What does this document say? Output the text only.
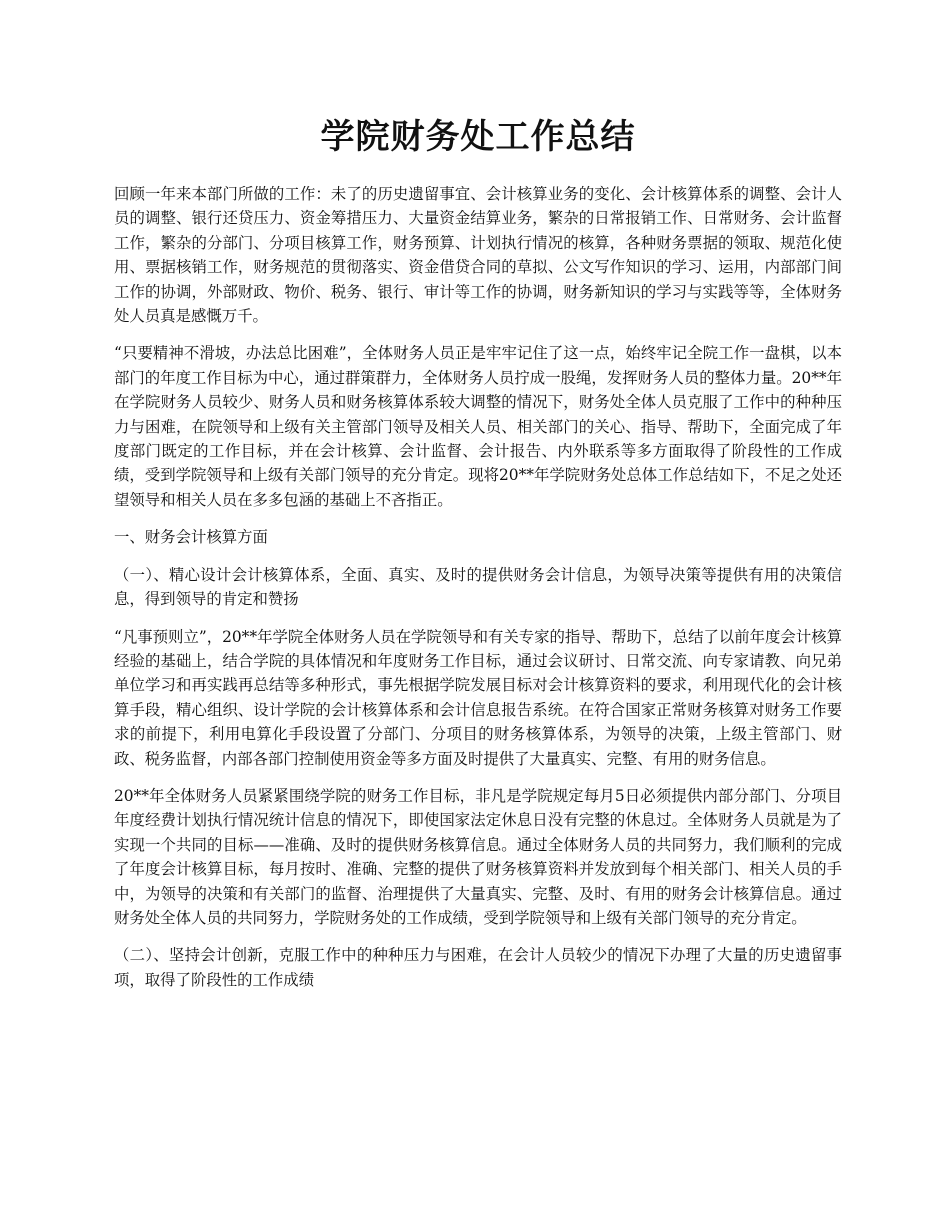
学院财务处工作总结

回顾一年来本部门所做的工作：未了的历史遗留事宜、会计核算业务的变化、会计核算体系的调整、会计人员的调整、银行还贷压力、资金筹措压力、大量资金结算业务，繁杂的日常报销工作、日常财务、会计监督工作，繁杂的分部门、分项目核算工作，财务预算、计划执行情况的核算，各种财务票据的领取、规范化使用、票据核销工作，财务规范的贯彻落实、资金借贷合同的草拟、公文写作知识的学习、运用，内部部门间工作的协调，外部财政、物价、税务、银行、审计等工作的协调，财务新知识的学习与实践等等，全体财务处人员真是感慨万千。

“只要精神不滑坡，办法总比困难”，全体财务人员正是牢牢记住了这一点，始终牢记全院工作一盘棋，以本部门的年度工作目标为中心，通过群策群力，全体财务人员拧成一股绳，发挥财务人员的整体力量。20**年在学院财务人员较少、财务人员和财务核算体系较大调整的情况下，财务处全体人员克服了工作中的种种压力与困难，在院领导和上级有关主管部门领导及相关人员、相关部门的关心、指导、帮助下，全面完成了年度部门既定的工作目标，并在会计核算、会计监督、会计报告、内外联系等多方面取得了阶段性的工作成绩，受到学院领导和上级有关部门领导的充分肯定。现将20**年学院财务处总体工作总结如下，不足之处还望领导和相关人员在多多包涵的基础上不吝指正。

一、财务会计核算方面

（一）、精心设计会计核算体系，全面、真实、及时的提供财务会计信息，为领导决策等提供有用的决策信息，得到领导的肯定和赞扬

“凡事预则立”，20**年学院全体财务人员在学院领导和有关专家的指导、帮助下，总结了以前年度会计核算经验的基础上，结合学院的具体情况和年度财务工作目标，通过会议研讨、日常交流、向专家请教、向兄弟单位学习和再实践再总结等多种形式，事先根据学院发展目标对会计核算资料的要求，利用现代化的会计核算手段，精心组织、设计学院的会计核算体系和会计信息报告系统。在符合国家正常财务核算对财务工作要求的前提下，利用电算化手段设置了分部门、分项目的财务核算体系，为领导的决策，上级主管部门、财政、税务监督，内部各部门控制使用资金等多方面及时提供了大量真实、完整、有用的财务信息。

20**年全体财务人员紧紧围绕学院的财务工作目标，非凡是学院规定每月5日必须提供内部分部门、分项目年度经费计划执行情况统计信息的情况下，即使国家法定休息日没有完整的休息过。全体财务人员就是为了实现一个共同的目标——准确、及时的提供财务核算信息。通过全体财务人员的共同努力，我们顺利的完成了年度会计核算目标，每月按时、准确、完整的提供了财务核算资料并发放到每个相关部门、相关人员的手中，为领导的决策和有关部门的监督、治理提供了大量真实、完整、及时、有用的财务会计核算信息。通过财务处全体人员的共同努力，学院财务处的工作成绩，受到学院领导和上级有关部门领导的充分肯定。

（二）、坚持会计创新，克服工作中的种种压力与困难，在会计人员较少的情况下办理了大量的历史遗留事项，取得了阶段性的工作成绩
